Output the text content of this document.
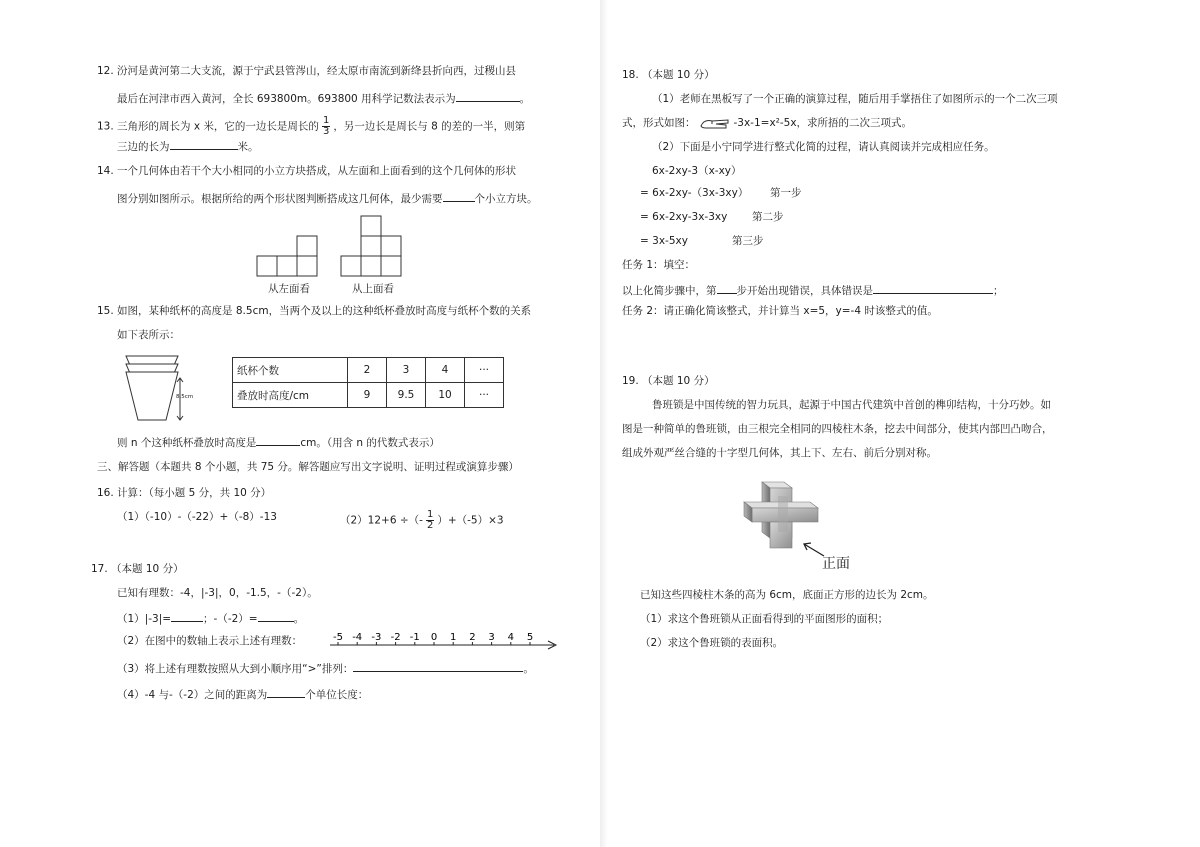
12. 汾河是黄河第二大支流，源于宁武县管涔山，经太原市南流到新绛县折向西，过稷山县
最后在河津市西入黄河，全长 693800m。693800 用科学记数法表示为	。
13. 三角形的周长为 x 米，它的一边长是周长的 $\frac{1}{3}$ ，另一边长是周长与 8 的差的一半，则第
三边的长为	米。
14. 一个几何体由若干个大小相同的小立方块搭成，从左面和上面看到的这个几何体的形状
图分别如图所示。根据所给的两个形状图判断搭成这几何体，最少需要	个小立方块。
从左面看	从上面看
15. 如图，某种纸杯的高度是 8.5cm，当两个及以上的这种纸杯叠放时高度与纸杯个数的关系
如下表所示：
8.5cm
纸杯个数	2	3	4	···
叠放时高度/cm	9	9.5	10	···
则 n 个这种纸杯叠放时高度是	cm。（用含 n 的代数式表示）
三、解答题（本题共 8 个小题，共 75 分。解答题应写出文字说明、证明过程或演算步骤）
16. 计算：（每小题 5 分，共 10 分）
（1）（-10）-（-22）+（-8）-13	（2）12+6 ÷（- $\frac{1}{2} )+(-5)\times 3$
17. （本题 10 分）
已知有理数：-4，|-3|，0，-1.5，-（-2）。
（1）|-3|=	；-（-2）=	。
（2）在图中的数轴上表示上述有理数：	-5 -4 -3 -2 -1 0 1 2 3 4 5
（3）将上述有理数按照从大到小顺序用“>”排列：	。
（4）-4 与-（-2）之间的距离为	个单位长度：
18. （本题 10 分）
（1）老师在黑板写了一个正确的演算过程，随后用手掌捂住了如图所示的一个二次三项
式，形式如图：	-3x-1=x²-5x，求所捂的二次三项式。
（2）下面是小宁同学进行整式化简的过程，请认真阅读并完成相应任务。
6x-2xy-3（x-xy）
= 6x-2xy-（3x-3xy） 第一步
= 6x-2xy-3x-3xy 第二步
= 3x-5xy	第三步
任务 1：填空：
以上化简步骤中，第 步开始出现错误，具体错误是	；
任务 2：请正确化简该整式，并计算当 x=5，y=-4 时该整式的值。
19. （本题 10 分）
鲁班锁是中国传统的智力玩具，起源于中国古代建筑中首创的榫卯结构，十分巧妙。如
图是一种简单的鲁班锁，由三根完全相同的四棱柱木条，挖去中间部分，使其内部凹凸吻合，
组成外观严丝合缝的十字型几何体，其上下、左右、前后分别对称。
正面
已知这些四棱柱木条的高为 6cm，底面正方形的边长为 2cm。
（1）求这个鲁班锁从正面看得到的平面图形的面积；
（2）求这个鲁班锁的表面积。
